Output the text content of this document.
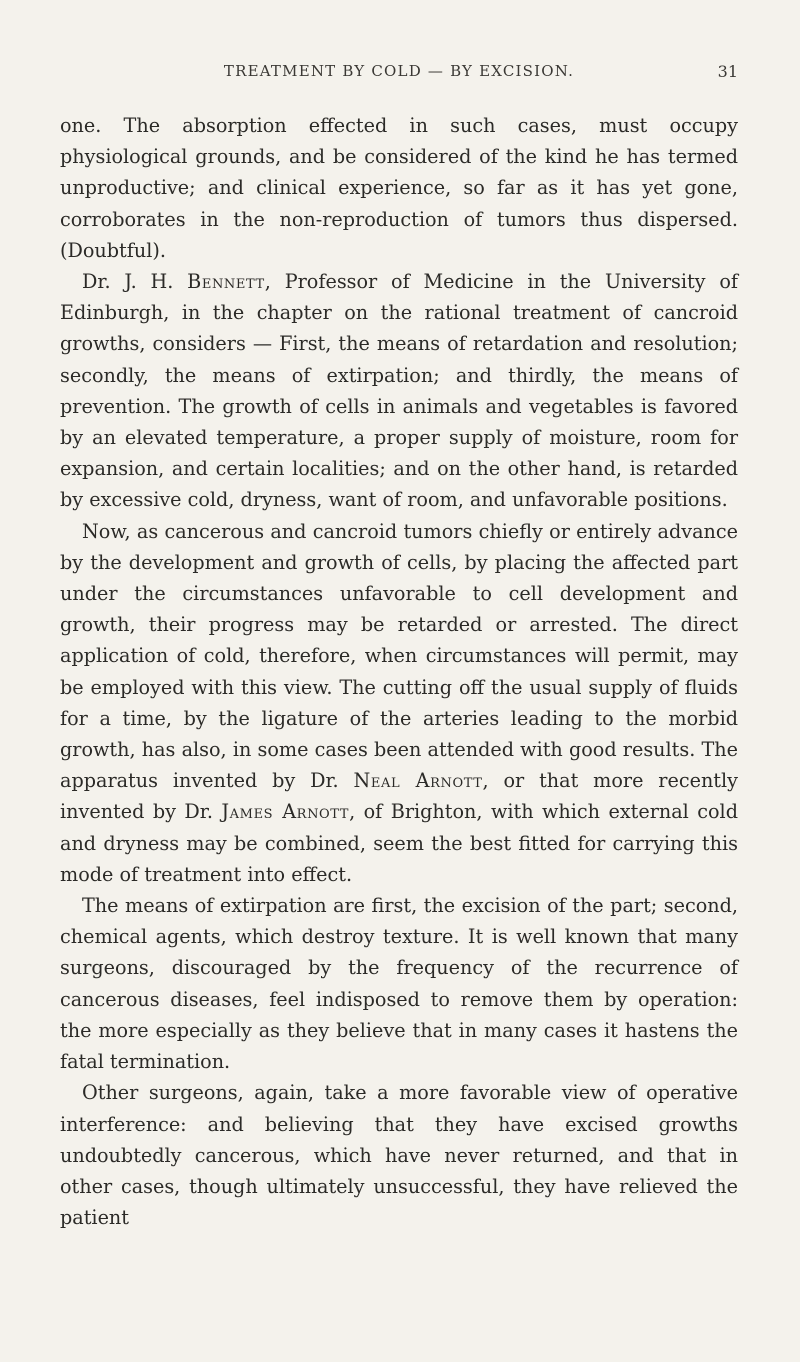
TREATMENT BY COLD — BY EXCISION.	31

one. The absorption effected in such cases, must occupy physiological grounds, and be considered of the kind he has termed unproductive; and clinical experience, so far as it has yet gone, corroborates in the non-reproduction of tumors thus dispersed. (Doubtful).

Dr. J. H. Bennett, Professor of Medicine in the University of Edinburgh, in the chapter on the rational treatment of cancroid growths, considers — First, the means of retardation and resolution; secondly, the means of extirpation; and thirdly, the means of prevention. The growth of cells in animals and vegetables is favored by an elevated temperature, a proper supply of moisture, room for expansion, and certain localities; and on the other hand, is retarded by excessive cold, dryness, want of room, and unfavorable positions.

Now, as cancerous and cancroid tumors chiefly or entirely advance by the development and growth of cells, by placing the affected part under the circumstances unfavorable to cell development and growth, their progress may be retarded or arrested. The direct application of cold, therefore, when circumstances will permit, may be employed with this view. The cutting off the usual supply of fluids for a time, by the ligature of the arteries leading to the morbid growth, has also, in some cases been attended with good results. The apparatus invented by Dr. Neal Arnott, or that more recently invented by Dr. James Arnott, of Brighton, with which external cold and dryness may be combined, seem the best fitted for carrying this mode of treatment into effect.

The means of extirpation are first, the excision of the part; second, chemical agents, which destroy texture. It is well known that many surgeons, discouraged by the frequency of the recurrence of cancerous diseases, feel indisposed to remove them by operation: the more especially as they believe that in many cases it hastens the fatal termination.

Other surgeons, again, take a more favorable view of operative interference: and believing that they have excised growths undoubtedly cancerous, which have never returned, and that in other cases, though ultimately unsuccessful, they have relieved the patient
